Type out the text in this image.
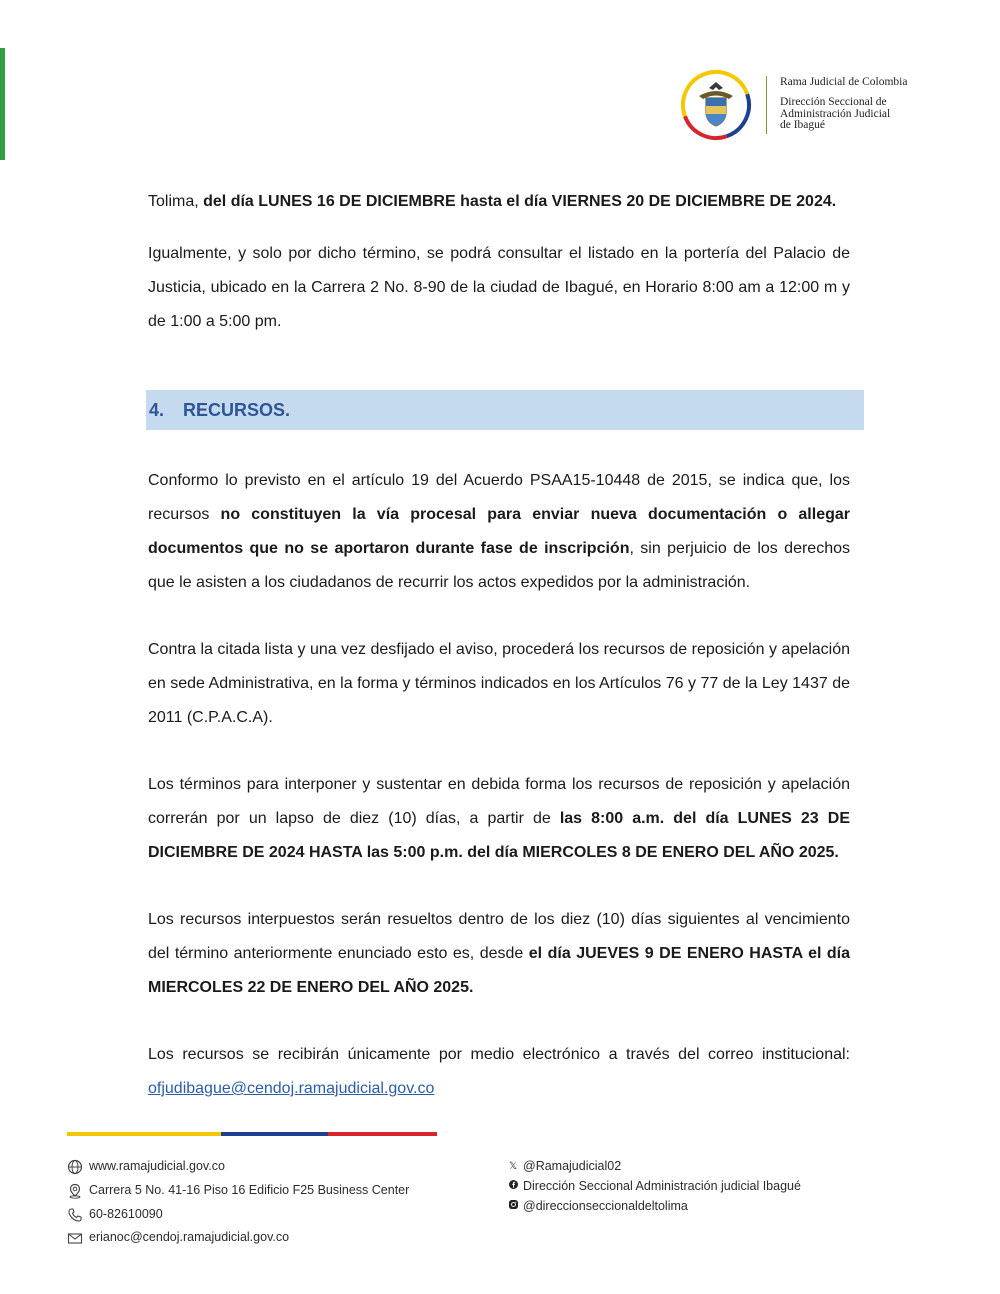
Rama Judicial de Colombia
Dirección Seccional de
Administración Judicial
de Ibagué
Tolima, del día LUNES 16 DE DICIEMBRE hasta el día VIERNES 20 DE DICIEMBRE DE 2024.
Igualmente, y solo por dicho término, se podrá consultar el listado en la portería del Palacio de Justicia, ubicado en la Carrera 2 No. 8-90 de la ciudad de Ibagué, en Horario 8:00 am a 12:00 m y de 1:00 a 5:00 pm.
4. RECURSOS.
Conformo lo previsto en el artículo 19 del Acuerdo PSAA15-10448 de 2015, se indica que, los recursos no constituyen la vía procesal para enviar nueva documentación o allegar documentos que no se aportaron durante fase de inscripción, sin perjuicio de los derechos que le asisten a los ciudadanos de recurrir los actos expedidos por la administración.
Contra la citada lista y una vez desfijado el aviso, procederá los recursos de reposición y apelación en sede Administrativa, en la forma y términos indicados en los Artículos 76 y 77 de la Ley 1437 de 2011 (C.P.A.C.A).
Los términos para interponer y sustentar en debida forma los recursos de reposición y apelación correrán por un lapso de diez (10) días, a partir de las 8:00 a.m. del día LUNES 23 DE DICIEMBRE DE 2024 HASTA las 5:00 p.m. del día MIERCOLES 8 DE ENERO DEL AÑO 2025.
Los recursos interpuestos serán resueltos dentro de los diez (10) días siguientes al vencimiento del término anteriormente enunciado esto es, desde el día JUEVES 9 DE ENERO HASTA el día MIERCOLES 22 DE ENERO DEL AÑO 2025.
Los recursos se recibirán únicamente por medio electrónico a través del correo institucional: ofjudibague@cendoj.ramajudicial.gov.co
www.ramajudicial.gov.co
Carrera 5 No. 41-16 Piso 16 Edificio F25 Business Center
60-82610090
erianoc@cendoj.ramajudicial.gov.co
𝕏 @Ramajudicial02
Dirección Seccional Administración judicial Ibagué
@direccionseccionaldeltolima
